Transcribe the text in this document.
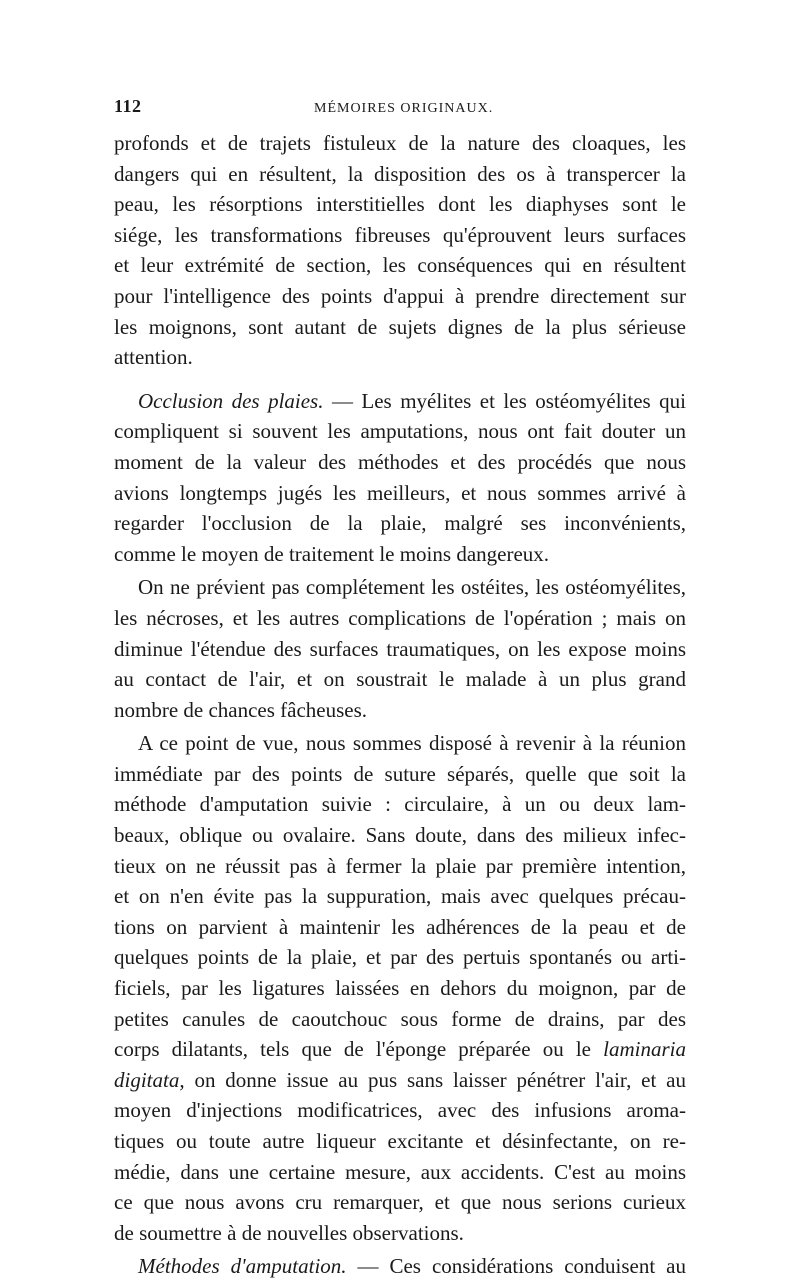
112	MÉMOIRES ORIGINAUX.
profonds et de trajets fistuleux de la nature des cloaques, les
dangers qui en résultent, la disposition des os à transpercer la
peau, les résorptions interstitielles dont les diaphyses sont le
siége, les transformations fibreuses qu'éprouvent leurs surfaces
et leur extrémité de section, les conséquences qui en résultent
pour l'intelligence des points d'appui à prendre directement sur
les moignons, sont autant de sujets dignes de la plus sérieuse
attention.
Occlusion des plaies. — Les myélites et les ostéomyélites qui
compliquent si souvent les amputations, nous ont fait douter un
moment de la valeur des méthodes et des procédés que nous
avions longtemps jugés les meilleurs, et nous sommes arrivé à
regarder l'occlusion de la plaie, malgré ses inconvénients,
comme le moyen de traitement le moins dangereux.
On ne prévient pas complétement les ostéites, les ostéomyélites,
les nécroses, et les autres complications de l'opération ; mais on
diminue l'étendue des surfaces traumatiques, on les expose moins
au contact de l'air, et on soustrait le malade à un plus grand
nombre de chances fâcheuses.
A ce point de vue, nous sommes disposé à revenir à la réunion
immédiate par des points de suture séparés, quelle que soit la
méthode d'amputation suivie : circulaire, à un ou deux lam-
beaux, oblique ou ovalaire. Sans doute, dans des milieux infec-
tieux on ne réussit pas à fermer la plaie par première intention,
et on n'en évite pas la suppuration, mais avec quelques précau-
tions on parvient à maintenir les adhérences de la peau et de
quelques points de la plaie, et par des pertuis spontanés ou arti-
ficiels, par les ligatures laissées en dehors du moignon, par de
petites canules de caoutchouc sous forme de drains, par des
corps dilatants, tels que de l'éponge préparée ou le laminaria
digitata, on donne issue au pus sans laisser pénétrer l'air, et au
moyen d'injections modificatrices, avec des infusions aroma-
tiques ou toute autre liqueur excitante et désinfectante, on re-
médie, dans une certaine mesure, aux accidents. C'est au moins
ce que nous avons cru remarquer, et que nous serions curieux
de soumettre à de nouvelles observations.
Méthodes d'amputation. — Ces considérations conduisent au
